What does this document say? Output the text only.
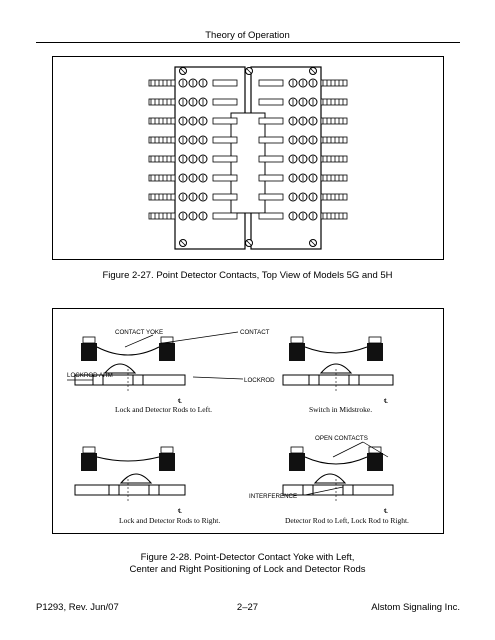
Theory of Operation
Figure 2-27. Point Detector Contacts, Top View of Models 5G and 5H
CONTACT YOKE	CONTACT
LOCKROD ARM
LOCKROD
OPEN CONTACTS
INTERFERENCE
Lock and Detector Rods to Left.	Switch in Midstroke.
Lock and Detector Rods to Right.	Detector Rod to Left, Lock Rod to Right.
℄	℄
℄	℄
Figure 2-28. Point-Detector Contact Yoke with Left,
Center and Right Positioning of Lock and Detector Rods
P1293, Rev. Jun/07	2–27	Alstom Signaling Inc.
